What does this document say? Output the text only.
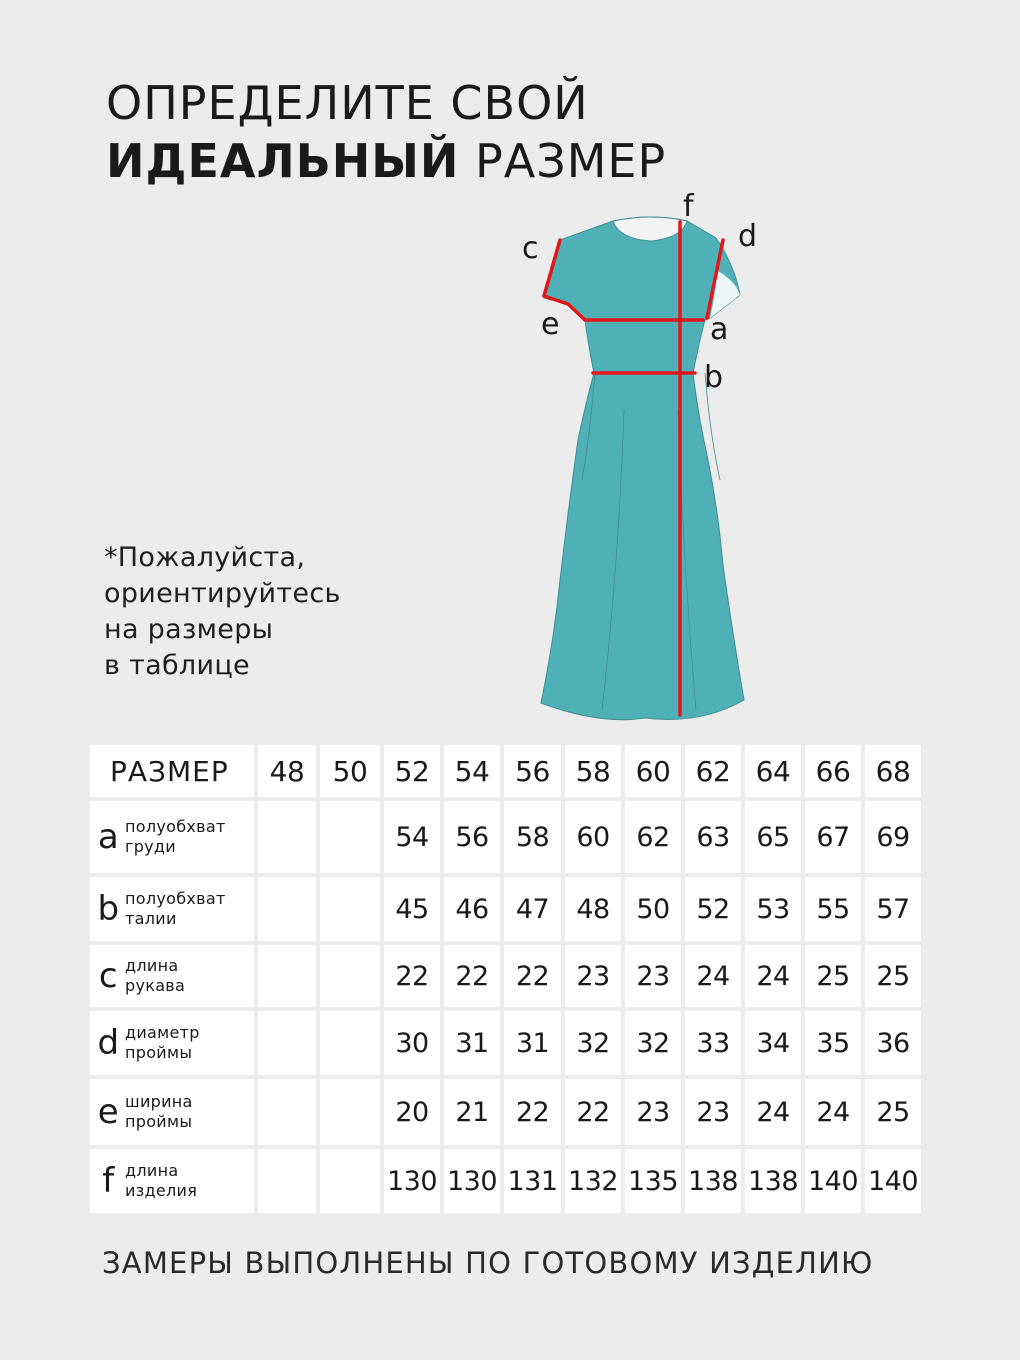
ОПРЕДЕЛИТЕ СВОЙ
ИДЕАЛЬНЫЙ РАЗМЕР
*Пожалуйста,
ориентируйтесь
на размеры
в таблице
f
c	d
e	a
b
РАЗМЕР	48	50	52	54	56	58	60	62	64	66	68

a полуобхват
груди			54	56	58	60	62	63	65	67	69

b полуобхват
талии			45	46	47	48	50	52	53	55	57

c длина
рукава			22	22	22	23	23	24	24	25	25

d диаметр
проймы			30	31	31	32	32	33	34	35	36

e ширина
проймы			20	21	22	22	23	23	24	24	25

f длина
изделия			130	130	131	132	135	138	138	140	140
ЗАМЕРЫ ВЫПОЛНЕНЫ ПО ГОТОВОМУ ИЗДЕЛИЮ
